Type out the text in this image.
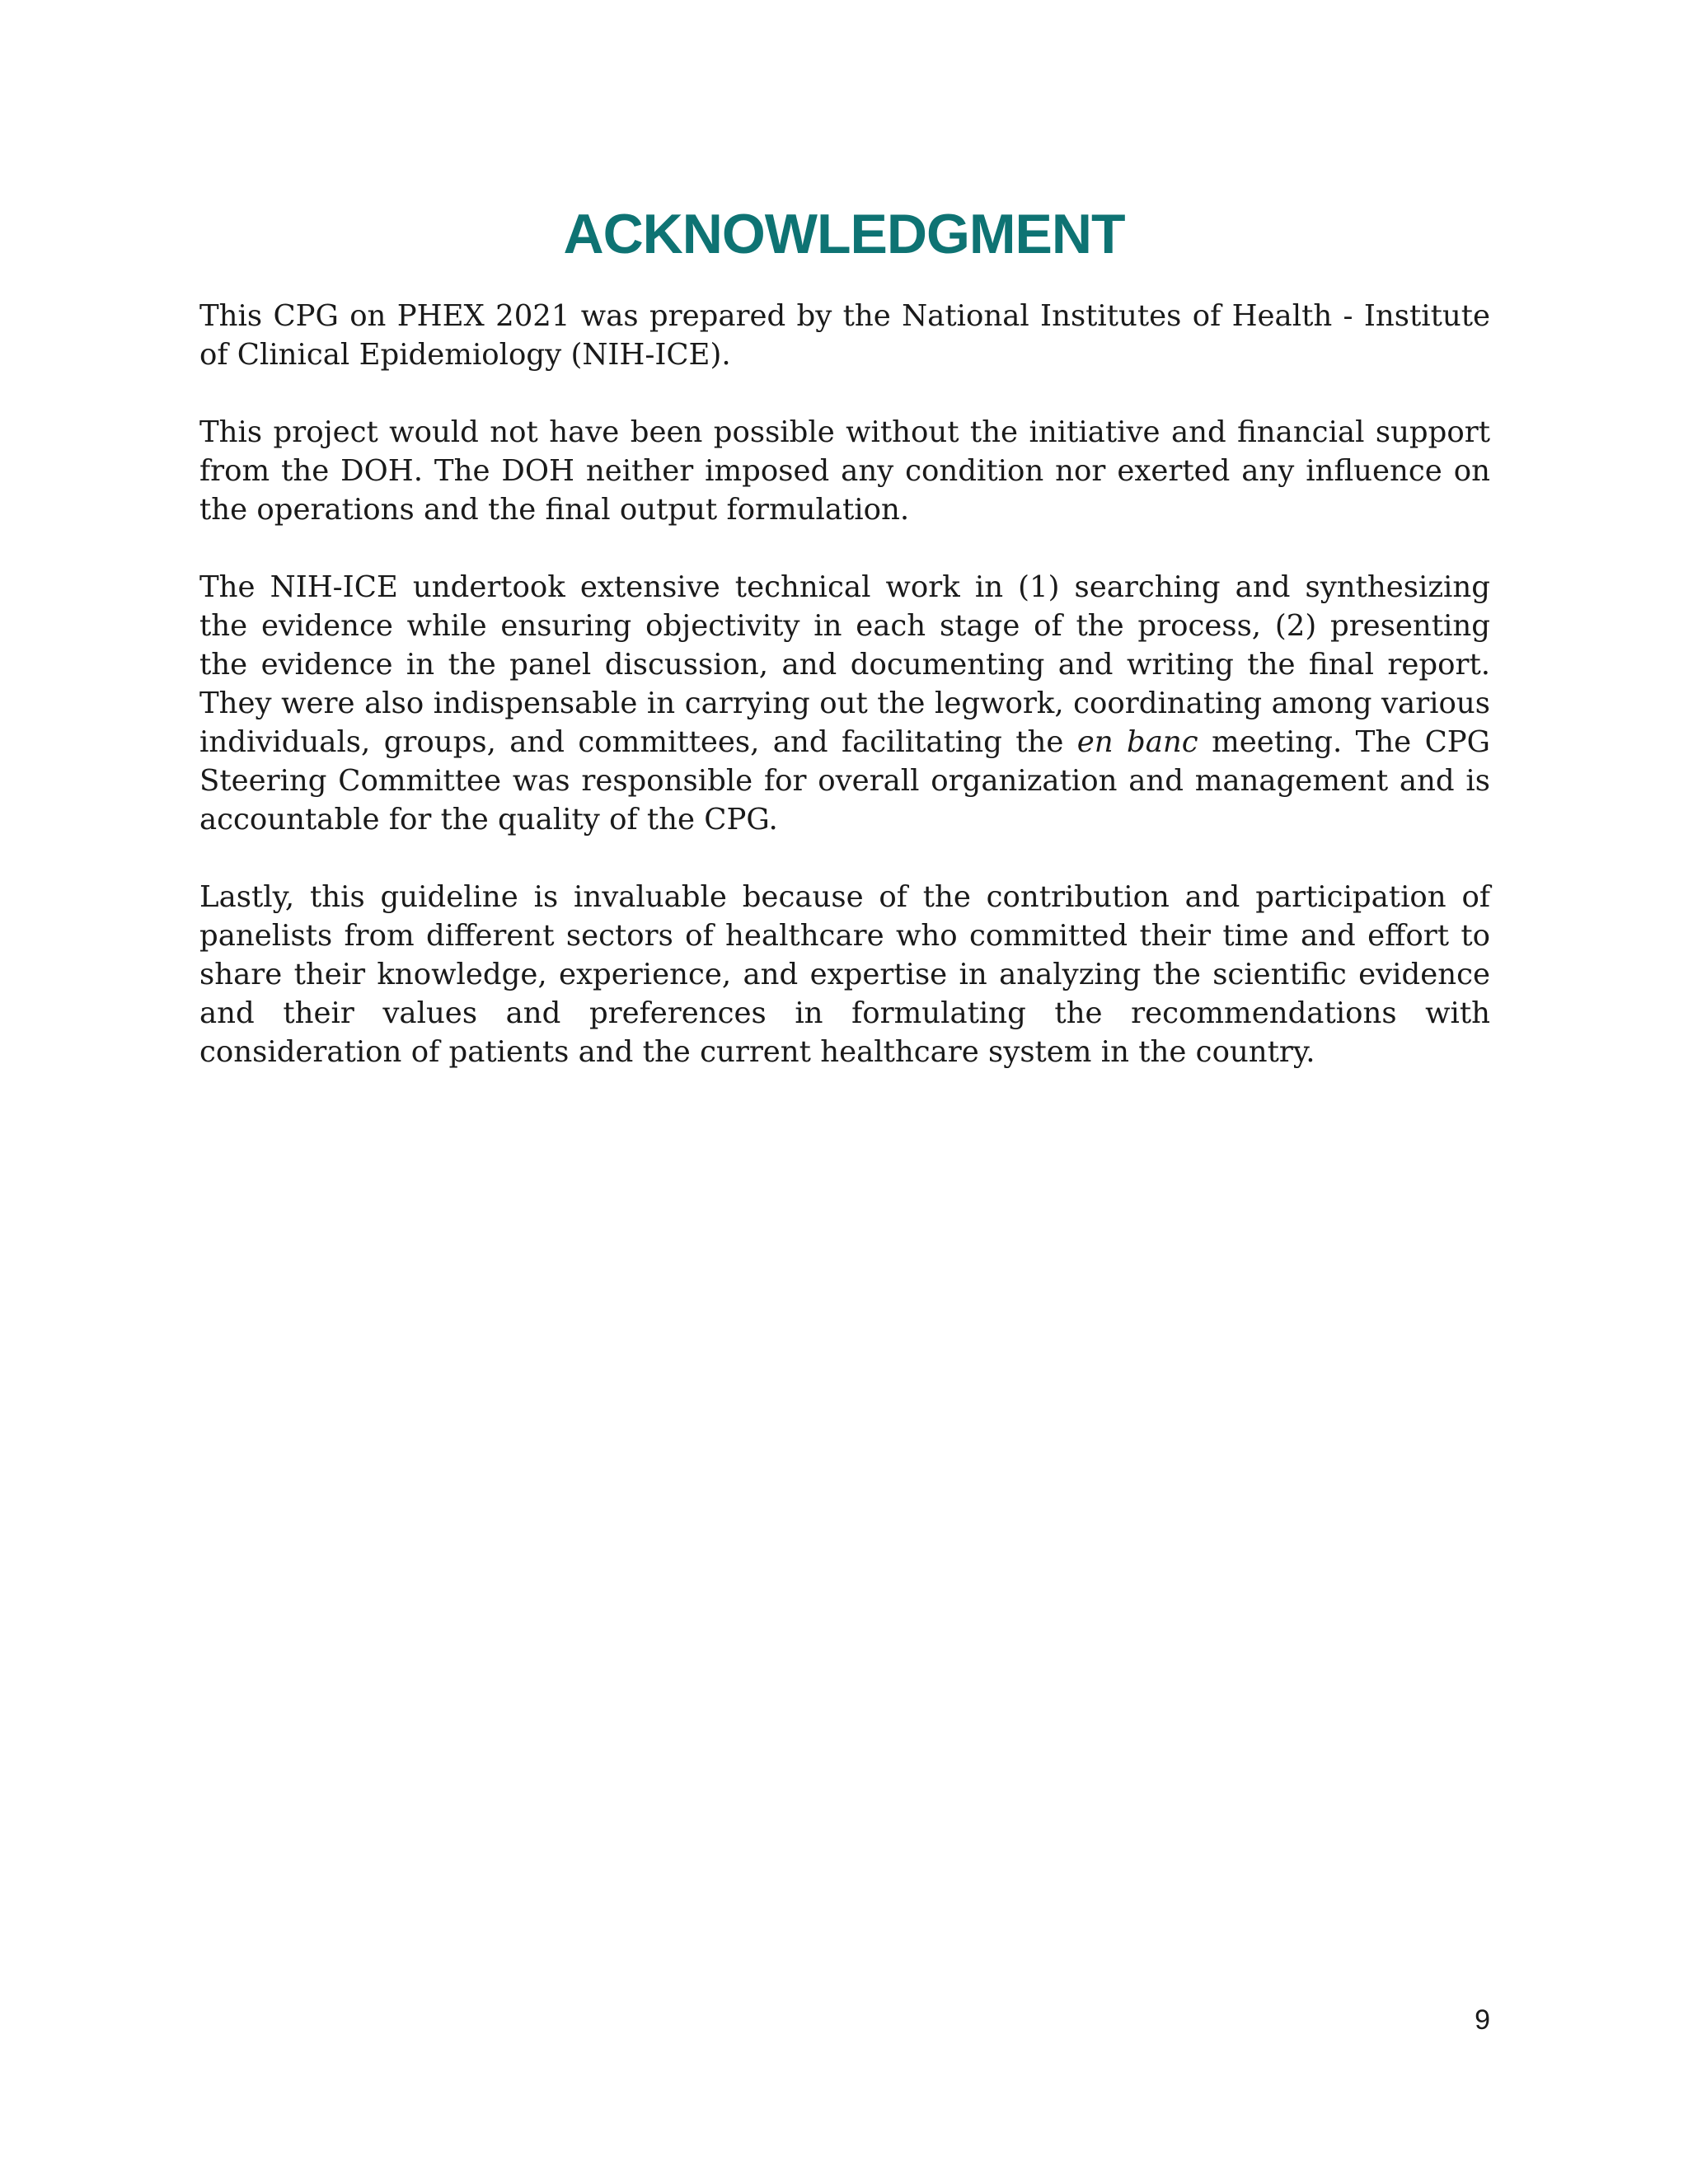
ACKNOWLEDGMENT

This CPG on PHEX 2021 was prepared by the National Institutes of Health - Institute of Clinical Epidemiology (NIH-ICE).

This project would not have been possible without the initiative and financial support from the DOH. The DOH neither imposed any condition nor exerted any influence on the operations and the final output formulation.

The NIH-ICE undertook extensive technical work in (1) searching and synthesizing the evidence while ensuring objectivity in each stage of the process, (2) presenting the evidence in the panel discussion, and documenting and writing the final report. They were also indispensable in carrying out the legwork, coordinating among various individuals, groups, and committees, and facilitating the en banc meeting. The CPG Steering Committee was responsible for overall organization and management and is accountable for the quality of the CPG.

Lastly, this guideline is invaluable because of the contribution and participation of panelists from different sectors of healthcare who committed their time and effort to share their knowledge, experience, and expertise in analyzing the scientific evidence and their values and preferences in formulating the recommendations with consideration of patients and the current healthcare system in the country.

9
